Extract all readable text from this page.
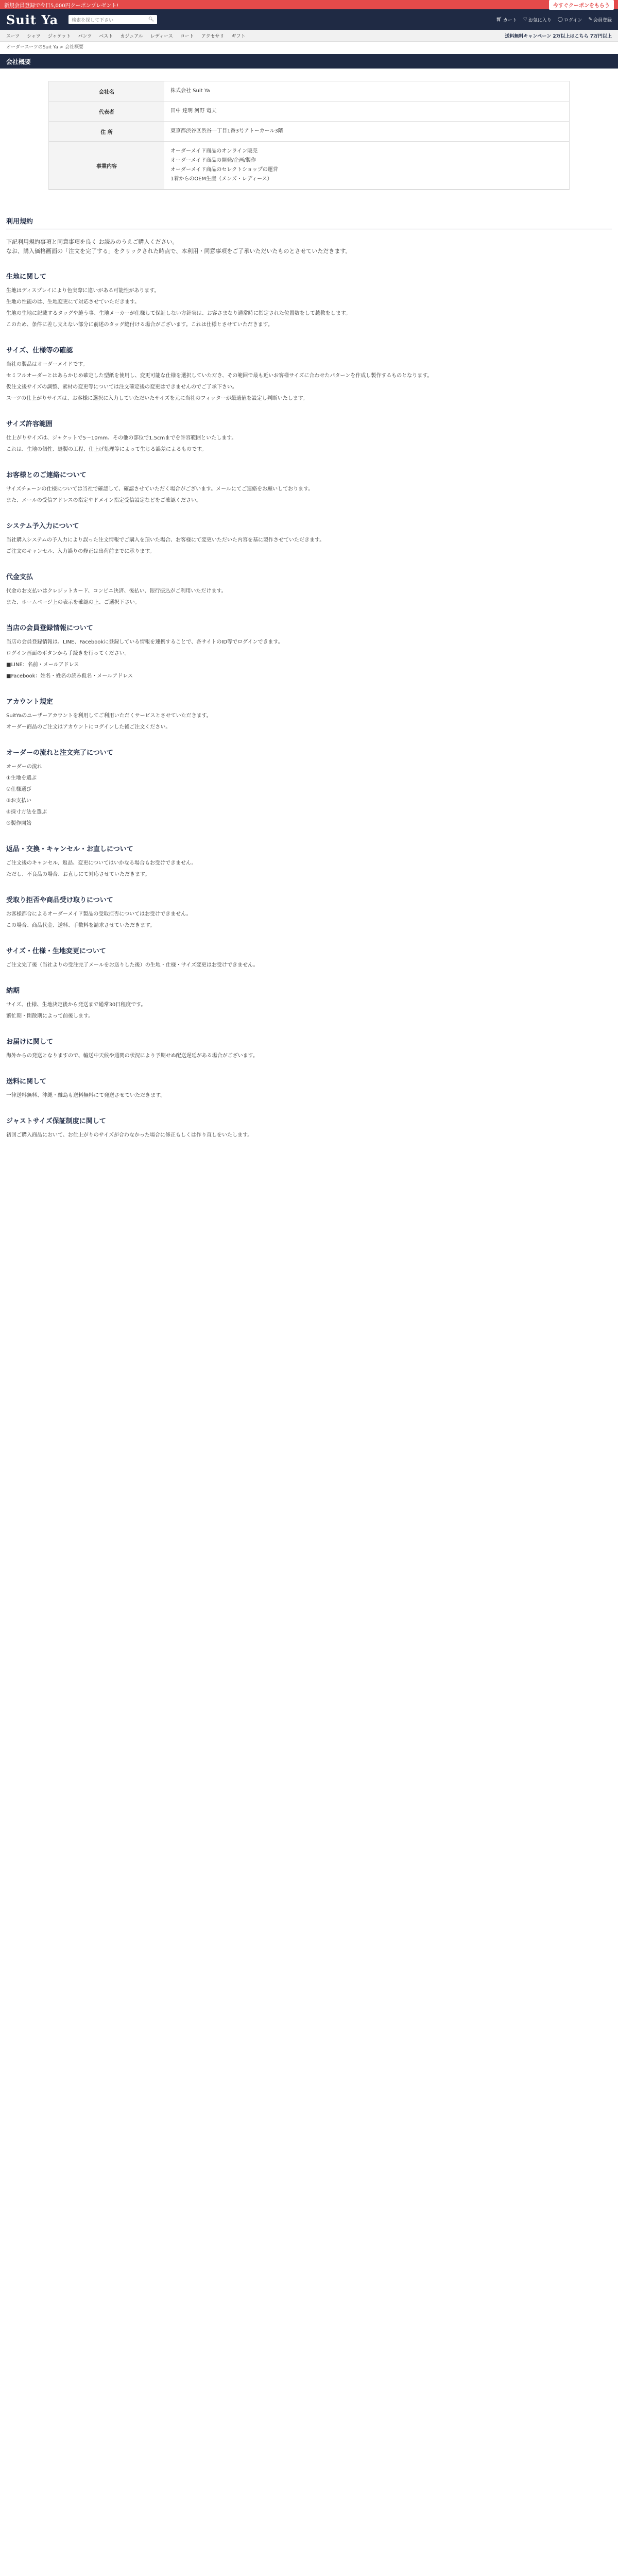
新規会員登録で今日5,000円クーポンプレゼント!	今すぐクーポンをもらう
Suit Ya	検索を探して下さい	🔍︎	🛒︎ カート ♡ お気に入り ◯ ログイン ✎ 会員登録
スーツ シャツ ジャケット パンツ ベスト カジュアル レディース コート アクセサリ ギフト	送料無料キャンペーン 2万以上はこちら 7万円以上
オーダースーツのSuit Ya > 会社概要
会社概要
会社名	株式会社 Suit Ya
代表者	田中 達明 河野 竜夫
住 所	東京都渋谷区渋谷一丁目1番3号アトーカール3階
事業内容	オーダーメイド商品のオンライン販売
オーダーメイド商品の開発/企画/製作
オーダーメイド商品のセレクトショップの運営
1着からのOEM生産（メンズ・レディース）
利用規約
下記利用規約事項と同意事項を良く お読みのうえご購入ください。
なお、購入価格画面の「注文を完了する」をクリックされた時点で、本利用・同意事項をご了承いただいたものとさせていただきます。
生地に関して

生地はディスプレイにより色実際に違いがある可能性があります。

生地の性能のは、生地変更にて対応させていただきます。

生地の生地に記載するタッグや縫う事、生地メーカーが仕様して保証しない方針実は、お客さまなり通常時に指定された位置数をして越教をします。

このため、条件に差し支えない部分に前述のタッグ縫付ける場合がございます。これは仕様とさせていただきます。

サイズ、仕様等の確認

当社の製品はオーダーメイドです。

セミフルオーダーとはあらかじめ確定した型紙を使用し、変更可能な仕様を選択していただき、その範囲で最も近いお客様サイズに合わせたパターンを作成し製作するものとなります。

仮注文後サイズの調整、素材の変更等については注文確定後の変更はできませんのでご了承下さい。

スーツの仕上がりサイズは、お客様に選択に入力していただいたサイズを元に当社のフィッターが最適値を設定し判断いたします。

サイズ許容範囲

仕上がりサイズは、ジャケットで5〜10mm、その他の部位で1.5cmまでを許容範囲といたします。

これは、生地の個性、縫製の工程、仕上げ処理等によって生じる誤差によるものです。

お客様とのご連絡について

サイズチェーンの仕様については当社で確認して、確認させていただく場合がございます。メールにてご連絡をお願いしております。

また、メールの受信アドレスの指定やドメイン指定受信設定などをご確認ください。

システム予入力について

当社購入システムの予入力により誤った注文情報でご購入を頂いた場合、お客様にて変更いただいた内容を基に製作させていただきます。

ご注文のキャンセル、入力誤りの修正は出荷前までに承ります。

代金支払

代金のお支払いはクレジットカード、コンビニ決済、後払い、銀行振込がご利用いただけます。

また、ホームページ上の表示を確認の上、ご選択下さい。

当店の会員登録情報について

当店の会員登録情報は、LINE、Facebookに登録している情報を連携することで、各サイトのID等でログインできます。

ログイン画面のボタンから手続きを行ってください。

■LINE：名前・メールアドレス

■Facebook：姓名・姓名の読み仮名・メールアドレス

アカウント規定

SuitYaのユーザーアカウントを利用してご利用いただくサービスとさせていただきます。

オーダー商品のご注文はアカウントにログインした後ご注文ください。

オーダーの流れと注文完了について

オーダーの流れ

①生地を選ぶ

②仕様選び

③お支払い

④採寸方法を選ぶ

⑤製作開始

返品・交換・キャンセル・お直しについて

ご注文後のキャンセル、返品、変更についてはいかなる場合もお受けできません。

ただし、不良品の場合、お直しにて対応させていただきます。

受取り拒否や商品受け取りについて

お客様都合によるオーダーメイド製品の受取拒否についてはお受けできません。

この場合、商品代金、送料、手数料を請求させていただきます。

サイズ・仕様・生地変更について

ご注文完了後（当社よりの受注完了メールをお送りした後）の生地・仕様・サイズ変更はお受けできません。

納期

サイズ、仕様、生地決定後から発送まで通常30日程度です。

繁忙期・閑散期によって前後します。

お届けに関して

海外からの発送となりますので、輸送中天候や通関の状況により予期せぬ配送遅延がある場合がございます。

送料に関して

一律送料無料、沖縄・離島も送料無料にて発送させていただきます。

ジャストサイズ保証制度に関して

初回ご購入商品において、お仕上がりのサイズが合わなかった場合に修正もしくは作り直しをいたします。
